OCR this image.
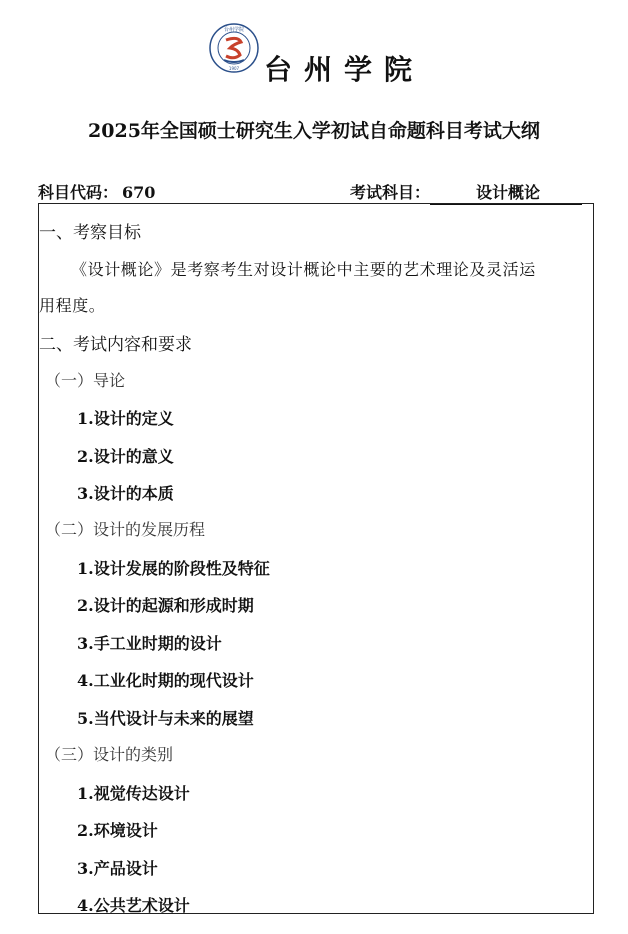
台州学院
1907 台州学院
2025年全国硕士研究生入学初试自命题科目考试大纲
科目代码： 670	考试科目：	设计概论
一、考察目标
《设计概论》是考察考生对设计概论中主要的艺术理论及灵活运
用程度。
二、考试内容和要求
（一）导论
1.设计的定义
2.设计的意义
3.设计的本质
（二）设计的发展历程
1.设计发展的阶段性及特征
2.设计的起源和形成时期
3.手工业时期的设计
4.工业化时期的现代设计
5.当代设计与未来的展望
（三）设计的类别
1.视觉传达设计
2.环境设计
3.产品设计
4.公共艺术设计
